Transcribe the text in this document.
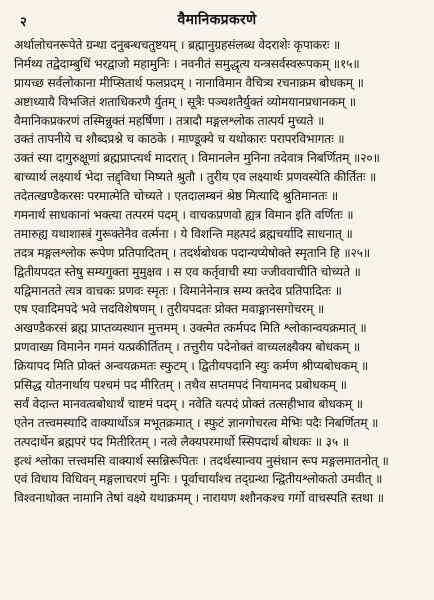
२	वैमानिकप्रकरणे
अर्थालोचनरूपेते ग्रन्था दनुबन्धचतुष्टयम् । ब्रह्मानुग्रहसंलब्ध वेदराशेः कृपाकरः ॥
निर्मथ्य तद्वेदाम्बुधिं भरद्वाजो महामुनिः । नवनीतं समुद्धृत्य यन्त्रसर्वस्वरूपकम् ॥१५॥
प्रायच्छ सर्वलोकाना मीप्सितार्थ फलप्रदम् । नानाविमान वैचित्र्य रचनाक्रम बोधकम् ॥
अष्टाध्यायै विभजितं शताधिकरणै र्युतम् । सूत्रैः पञ्चशतैर्युक्तं व्योमयानप्रधानकम् ॥
वैमानिकप्रकरणं तस्मिन्नुक्तं महर्षिणा । तत्रादौ मङ्गलश्लोक तात्पर्य मुच्यते ॥
उक्तं तापनीये च शौब्दप्रश्ने च काठके । माण्डूक्ये च यथोकारः परापरविभागतः ॥
उक्तं स्या दागुरुक्षूणां ब्रह्मप्राप्त्यर्थ मादरात् । विमानलेन मुनिना तदेवात्र निबर्णितम् ॥२०॥
बाच्यार्थ लक्ष्यार्थ भेदा त्तद्द्विधा मिष्यते श्रुतौ । तुरीय एव लक्ष्यार्थः प्रणवस्येति कीर्तितः ॥
तदेतत्खण्डैकरसः परमात्मेति चोच्यते । एतदालम्बनं श्रेष्ठ मित्यादि श्रुतिमानतः ॥
गमनार्थ साधकानां भक्त्या तत्परमं पदम् । वाचकप्रणवो ह्यत्र विमान इति वर्णितः ॥
तमारुह्य यथाशास्त्रं गुरूक्तेनैव वर्त्मना । ये विशन्ति महत्पदं ब्रह्मचर्यादि साधनात् ॥
तदत्र मङ्गलश्लोक रूपेण प्रतिपादितम् । तदर्थबोधक पदान्यप्येषोक्ते स्मृतानि हि ॥२५॥
द्वितीयपदत स्तेषु सम्यगुक्ता मुमुक्षव । स एव कर्तृवाची स्या ज्जीववाचीति चोच्यते ॥
यद्विमानतते त्यत्र वाचकः प्रणवः स्मृतः । विमानेनेनात्र सम्य क्तदेव प्रतिपादितः ॥
एष एवादिमपदे भवे त्तदविशेषणम् । तुरीयपदतः प्रोक्त मवाङ्मानसगोचरम् ॥
अखण्डैकरसं ब्रह्म प्राप्तव्यस्थान मुत्तमम् । उक्त्मेत त्कर्मपद मिति श्लोकान्वयक्रमात् ॥
प्रणवाख्य विमानेन गमनं यत्प्रकीर्तितम् । तत्तुरीय पदेनोक्तं वाच्यलक्ष्यैक्य बोधकम् ॥
क्रियापद मिति प्रोक्तं अन्वयक्रमतः स्फुटम् । द्वितीयपदानि स्युः कर्मण श्रीप्यबोधकम् ॥
प्रसिद्ध योतनार्थाय पश्चमं पद मीरितम् । तथैव सप्तमपदं नियामनद प्रबोधकम् ॥
सर्वं वेदान्त मानवत्वबोधार्थं चाष्टमं पदम् । नवेति यत्पदं प्रोक्तं तत्सहीभाव बोधकम् ॥
एतेन तत्त्वमस्यादि वाक्यार्थोऽत्र मभूतक्रमात् । स्फुटं ज्ञानगोचरत्व मेभिः पदैः निबर्णितम् ॥
तत्पदार्थेन ब्रह्मपरं पद मितीरितम् । नत्वे लैक्यपरमार्थो स्सिपदार्थ बोधकः ॥ ३५ ॥
इत्थं श्लोका त्तत्त्वमसि वाक्यार्थ स्सन्निरूपितः । तदर्थस्यान्वय नुसंधान रूप मङ्गलमातनोत् ॥
एवं विधाय विधिवन् मङ्गलाचरणं मुनिः । पूर्वाचार्यांश्च तद्ग्रन्था न्द्वितीयश्लोकतो उमवीत् ॥
विश्वनाथोक्त नामानि तेषां वक्ष्ये यथाक्रमम् । नारायण श्शौनकश्च गर्गो वाचस्पति स्तथा ॥
